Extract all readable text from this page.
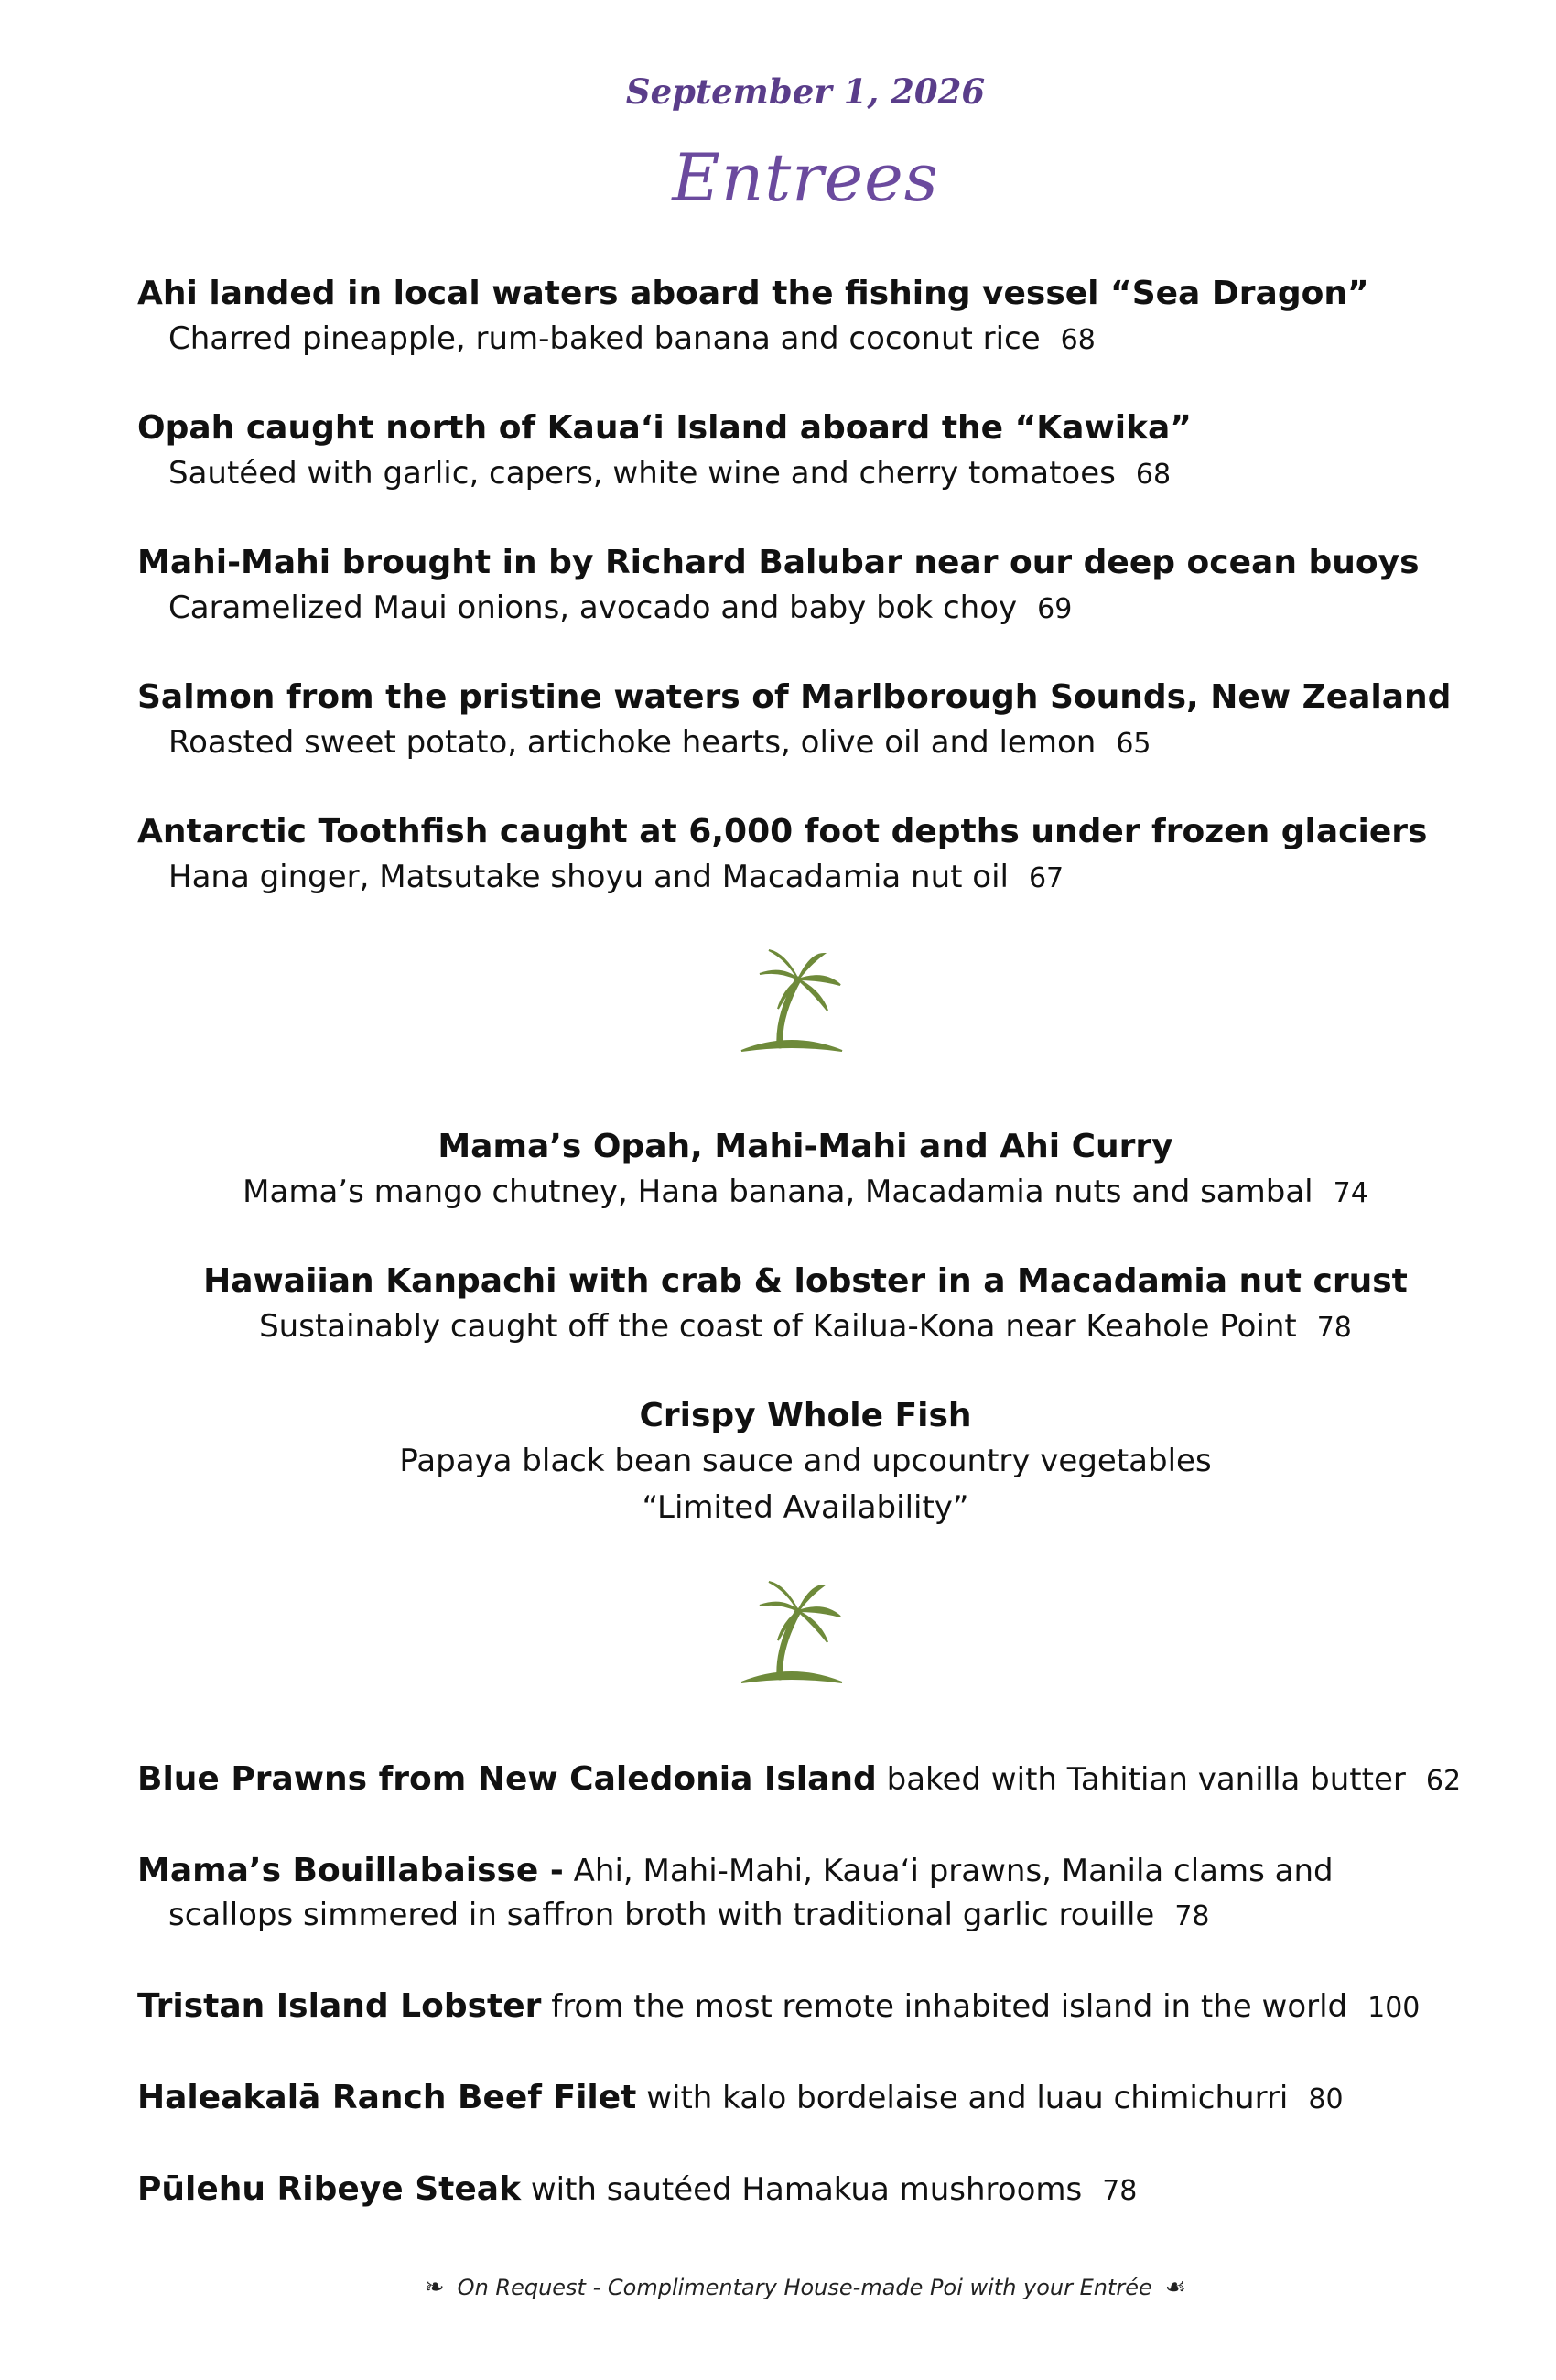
September 1, 2026
Entrees
Ahi landed in local waters aboard the fishing vessel “Sea Dragon”
Charred pineapple, rum-baked banana and coconut rice 68
Opah caught north of Kauaʻi Island aboard the “Kawika”
Sautéed with garlic, capers, white wine and cherry tomatoes 68
Mahi-Mahi brought in by Richard Balubar near our deep ocean buoys
Caramelized Maui onions, avocado and baby bok choy 69
Salmon from the pristine waters of Marlborough Sounds, New Zealand
Roasted sweet potato, artichoke hearts, olive oil and lemon 65
Antarctic Toothfish caught at 6,000 foot depths under frozen glaciers
Hana ginger, Matsutake shoyu and Macadamia nut oil 67
Mama’s Opah, Mahi-Mahi and Ahi Curry
Mama’s mango chutney, Hana banana, Macadamia nuts and sambal 74
Hawaiian Kanpachi with crab & lobster in a Macadamia nut crust
Sustainably caught off the coast of Kailua-Kona near Keahole Point 78
Crispy Whole Fish
Papaya black bean sauce and upcountry vegetables
“Limited Availability”
Blue Prawns from New Caledonia Island baked with Tahitian vanilla butter 62
Mama’s Bouillabaisse - Ahi, Mahi-Mahi, Kauaʻi prawns, Manila clams and
scallops simmered in saffron broth with traditional garlic rouille 78
Tristan Island Lobster from the most remote inhabited island in the world 100
Haleakalā Ranch Beef Filet with kalo bordelaise and luau chimichurri 80
Pūlehu Ribeye Steak with sautéed Hamakua mushrooms 78
❧ On Request - Complimentary House-made Poi with your Entrée ☙
